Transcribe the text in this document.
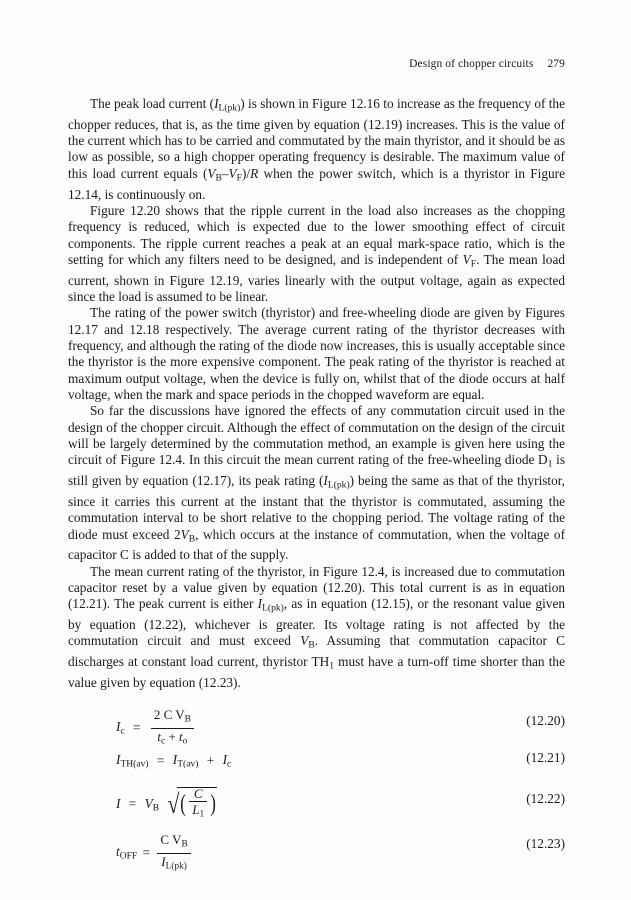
Design of chopper circuits 279

The peak load current $(I_{L(pk)})$ is shown in Figure 12.16 to increase as the frequency of the chopper reduces, that is, as the time given by equation (12.19) increases. This is the value of the current which has to be carried and commutated by the main thyristor, and it should be as low as possible, so a high chopper operating frequency is desirable. The maximum value of this load current equals $(V_B-V_F)/R$ when the power switch, which is a thyristor in Figure 12.14, is continuously on.

Figure 12.20 shows that the ripple current in the load also increases as the chopping frequency is reduced, which is expected due to the lower smoothing effect of circuit components. The ripple current reaches a peak at an equal mark-space ratio, which is the setting for which any filters need to be designed, and is independent of $V_F$. The mean load current, shown in Figure 12.19, varies linearly with the output voltage, again as expected since the load is assumed to be linear.

The rating of the power switch (thyristor) and free-wheeling diode are given by Figures 12.17 and 12.18 respectively. The average current rating of the thyristor decreases with frequency, and although the rating of the diode now increases, this is usually acceptable since the thyristor is the more expensive component. The peak rating of the thyristor is reached at maximum output voltage, when the device is fully on, whilst that of the diode occurs at half voltage, when the mark and space periods in the chopped waveform are equal.

So far the discussions have ignored the effects of any commutation circuit used in the design of the chopper circuit. Although the effect of commutation on the design of the circuit will be largely determined by the commutation method, an example is given here using the circuit of Figure 12.4. In this circuit the mean current rating of the free-wheeling diode $D_1$ is still given by equation (12.17), its peak rating $(I_{L(pk)})$ being the same as that of the thyristor, since it carries this current at the instant that the thyristor is commutated, assuming the commutation interval to be short relative to the chopping period. The voltage rating of the diode must exceed $2V_B$, which occurs at the instance of commutation, when the voltage of capacitor C is added to that of the supply.

The mean current rating of the thyristor, in Figure 12.4, is increased due to commutation capacitor reset by a value given by equation (12.20). This total current is as in equation (12.21). The peak current is either $I_{L(pk)}$, as in equation (12.15), or the resonant value given by equation (12.22), whichever is greater. Its voltage rating is not affected by the commutation circuit and must exceed $V_B$. Assuming that commutation capacitor C discharges at constant load current, thyristor $TH_1$ must have a turn-off time shorter than the value given by equation (12.23).

$I_c = \frac{2 C V_B}{t_c + t_o}$	(12.20)
$I_{TH(av)} = I_{T(av)} + I_c$	(12.21)
$I = V_B$ √( $\frac{C}{L_1}$ )	(12.22)
$t_{OFF} = \frac{C V_B}{I_{L(pk)}}$	(12.23)
